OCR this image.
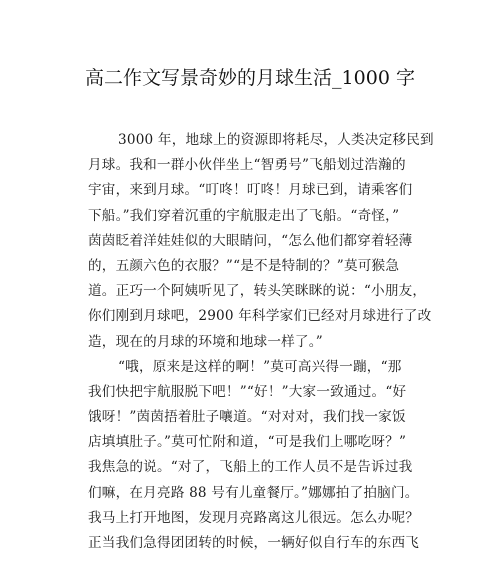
高二作文写景奇妙的月球生活_1000 字
3000 年，地球上的资源即将耗尽，人类决定移民到
月球。我和一群小伙伴坐上“智勇号”飞船划过浩瀚的
宇宙，来到月球。“叮咚！叮咚！月球已到，请乘客们
下船。”我们穿着沉重的宇航服走出了飞船。“奇怪，”
茵茵眨着洋娃娃似的大眼睛问，“怎么他们都穿着轻薄
的，五颜六色的衣服？”“是不是特制的？”莫可猴急
道。正巧一个阿姨听见了，转头笑眯眯的说：“小朋友，
你们刚到月球吧，2900 年科学家们已经对月球进行了改
造，现在的月球的环境和地球一样了。”
“哦，原来是这样的啊！”莫可高兴得一蹦，“那
我们快把宇航服脱下吧！”“好！”大家一致通过。“好
饿呀！”茵茵捂着肚子嚷道。“对对对，我们找一家饭
店填填肚子。”莫可忙附和道，“可是我们上哪吃呀？”
我焦急的说。“对了，飞船上的工作人员不是告诉过我
们嘛，在月亮路 88 号有儿童餐厅。”娜娜拍了拍脑门。
我马上打开地图，发现月亮路离这儿很远。怎么办呢？
正当我们急得团团转的时候，一辆好似自行车的东西飞
